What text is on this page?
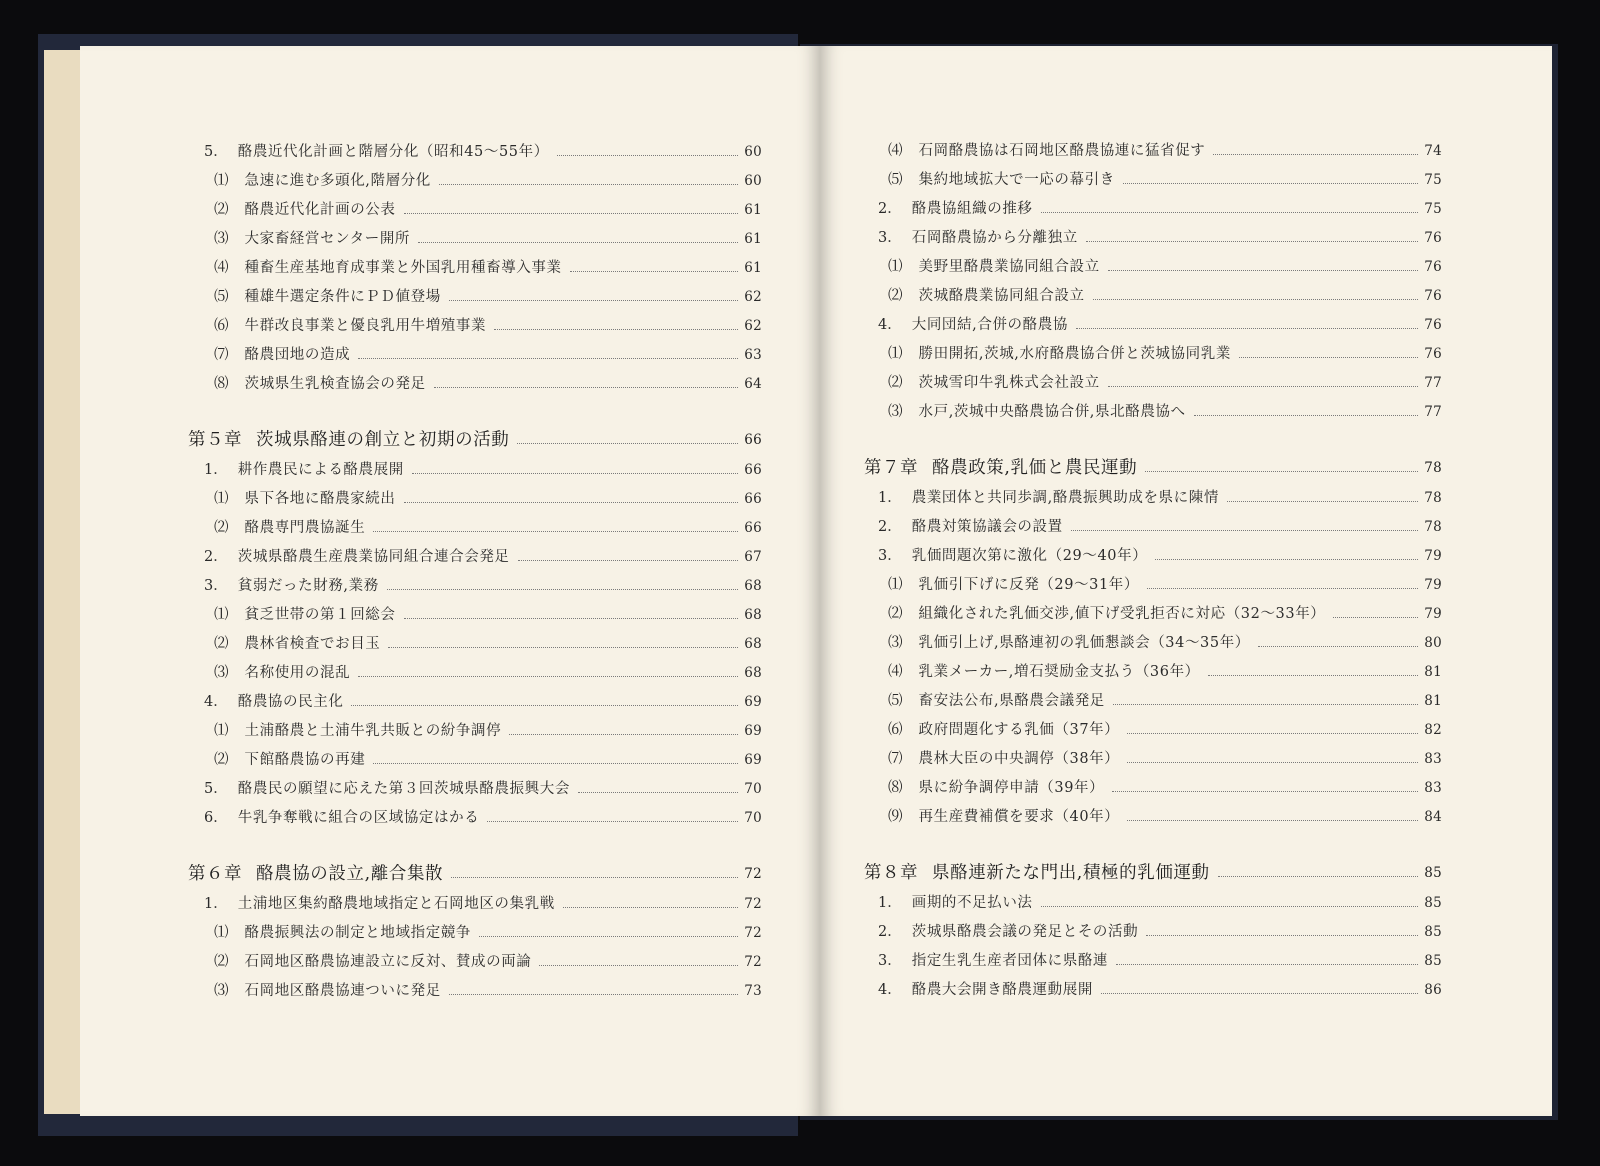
5． 酪農近代化計画と階層分化（昭和45～55年）	60
⑴ 急速に進む多頭化,階層分化	60
⑵ 酪農近代化計画の公表	61
⑶ 大家畜経営センター開所	61
⑷ 種畜生産基地育成事業と外国乳用種畜導入事業	61
⑸ 種雄牛選定条件にＰＤ値登場	62
⑹ 牛群改良事業と優良乳用牛増殖事業	62
⑺ 酪農団地の造成	63
⑻ 茨城県生乳検査協会の発足	64
第５章 茨城県酪連の創立と初期の活動	66
1． 耕作農民による酪農展開	66
⑴ 県下各地に酪農家続出	66
⑵ 酪農専門農協誕生	66
2． 茨城県酪農生産農業協同組合連合会発足	67
3． 貧弱だった財務,業務	68
⑴ 貧乏世帯の第１回総会	68
⑵ 農林省検査でお目玉	68
⑶ 名称使用の混乱	68
4． 酪農協の民主化	69
⑴ 土浦酪農と土浦牛乳共販との紛争調停	69
⑵ 下館酪農協の再建	69
5． 酪農民の願望に応えた第３回茨城県酪農振興大会	70
6． 牛乳争奪戦に組合の区域協定はかる	70
第６章 酪農協の設立,離合集散	72
1． 土浦地区集約酪農地域指定と石岡地区の集乳戦	72
⑴ 酪農振興法の制定と地域指定競争	72
⑵ 石岡地区酪農協連設立に反対、賛成の両論	72
⑶ 石岡地区酪農協連ついに発足	73
⑷ 石岡酪農協は石岡地区酪農協連に猛省促す	74
⑸ 集約地域拡大で一応の幕引き	75
2． 酪農協組織の推移	75
3． 石岡酪農協から分離独立	76
⑴ 美野里酪農業協同組合設立	76
⑵ 茨城酪農業協同組合設立	76
4． 大同団結,合併の酪農協	76
⑴ 勝田開拓,茨城,水府酪農協合併と茨城協同乳業	76
⑵ 茨城雪印牛乳株式会社設立	77
⑶ 水戸,茨城中央酪農協合併,県北酪農協へ	77
第７章 酪農政策,乳価と農民運動	78
1． 農業団体と共同歩調,酪農振興助成を県に陳情	78
2． 酪農対策協議会の設置	78
3． 乳価問題次第に激化（29～40年）	79
⑴ 乳価引下げに反発（29～31年）	79
⑵ 組織化された乳価交渉,値下げ受乳拒否に対応（32～33年）	79
⑶ 乳価引上げ,県酪連初の乳価懇談会（34～35年）	80
⑷ 乳業メーカー,増石奨励金支払う（36年）	81
⑸ 畜安法公布,県酪農会議発足	81
⑹ 政府問題化する乳価（37年）	82
⑺ 農林大臣の中央調停（38年）	83
⑻ 県に紛争調停申請（39年）	83
⑼ 再生産費補償を要求（40年）	84
第８章 県酪連新たな門出,積極的乳価運動	85
1． 画期的不足払い法	85
2． 茨城県酪農会議の発足とその活動	85
3． 指定生乳生産者団体に県酪連	85
4． 酪農大会開き酪農運動展開	86
